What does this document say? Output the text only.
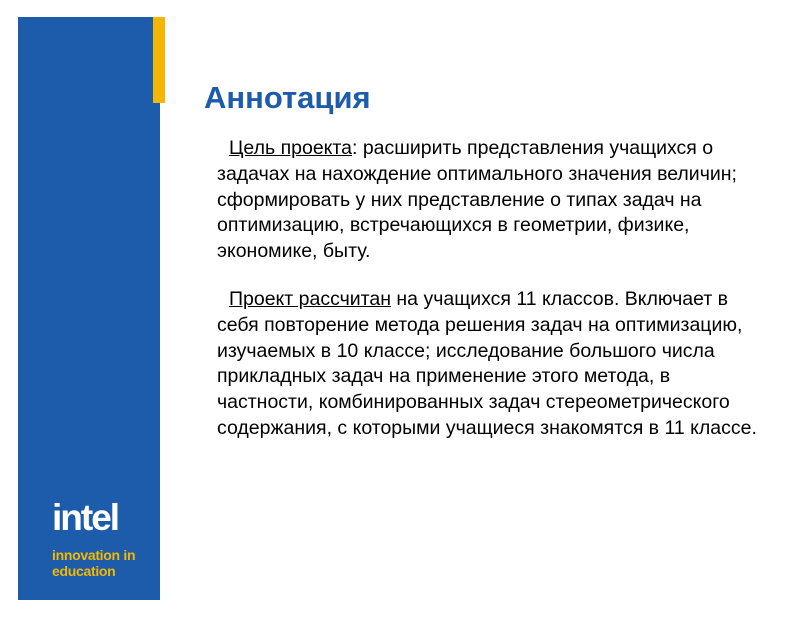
intel
innovation in
education
Аннотация

Цель проекта: расширить представления учащихся о задачах на нахождение оптимального значения величин; сформировать у них представление о типах задач на оптимизацию, встречающихся в геометрии, физике, экономике, быту.

Проект рассчитан на учащихся 11 классов. Включает в себя повторение метода решения задач на оптимизацию, изучаемых в 10 классе; исследование большого числа прикладных задач на применение этого метода, в частности, комбинированных задач стереометрического содержания, с которыми учащиеся знакомятся в 11 классе.
